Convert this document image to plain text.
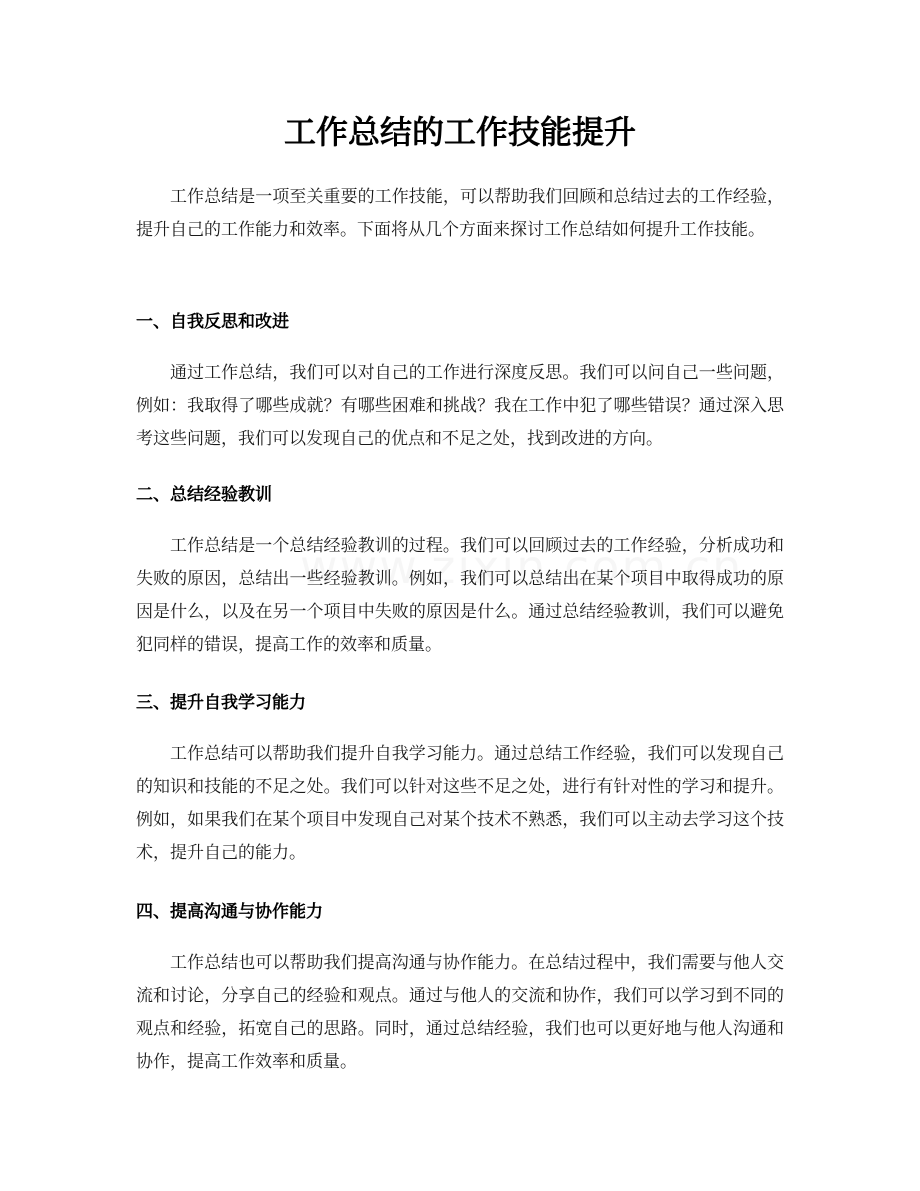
工作总结的工作技能提升

工作总结是一项至关重要的工作技能，可以帮助我们回顾和总结过去的工作经验，提升自己的工作能力和效率。下面将从几个方面来探讨工作总结如何提升工作技能。

一、自我反思和改进

通过工作总结，我们可以对自己的工作进行深度反思。我们可以问自己一些问题，例如：我取得了哪些成就？有哪些困难和挑战？我在工作中犯了哪些错误？通过深入思考这些问题，我们可以发现自己的优点和不足之处，找到改进的方向。

二、总结经验教训

工作总结是一个总结经验教训的过程。我们可以回顾过去的工作经验，分析成功和失败的原因，总结出一些经验教训。例如，我们可以总结出在某个项目中取得成功的原因是什么，以及在另一个项目中失败的原因是什么。通过总结经验教训，我们可以避免犯同样的错误，提高工作的效率和质量。

三、提升自我学习能力

工作总结可以帮助我们提升自我学习能力。通过总结工作经验，我们可以发现自己的知识和技能的不足之处。我们可以针对这些不足之处，进行有针对性的学习和提升。例如，如果我们在某个项目中发现自己对某个技术不熟悉，我们可以主动去学习这个技术，提升自己的能力。

四、提高沟通与协作能力

工作总结也可以帮助我们提高沟通与协作能力。在总结过程中，我们需要与他人交流和讨论，分享自己的经验和观点。通过与他人的交流和协作，我们可以学习到不同的观点和经验，拓宽自己的思路。同时，通过总结经验，我们也可以更好地与他人沟通和协作，提高工作效率和质量。
